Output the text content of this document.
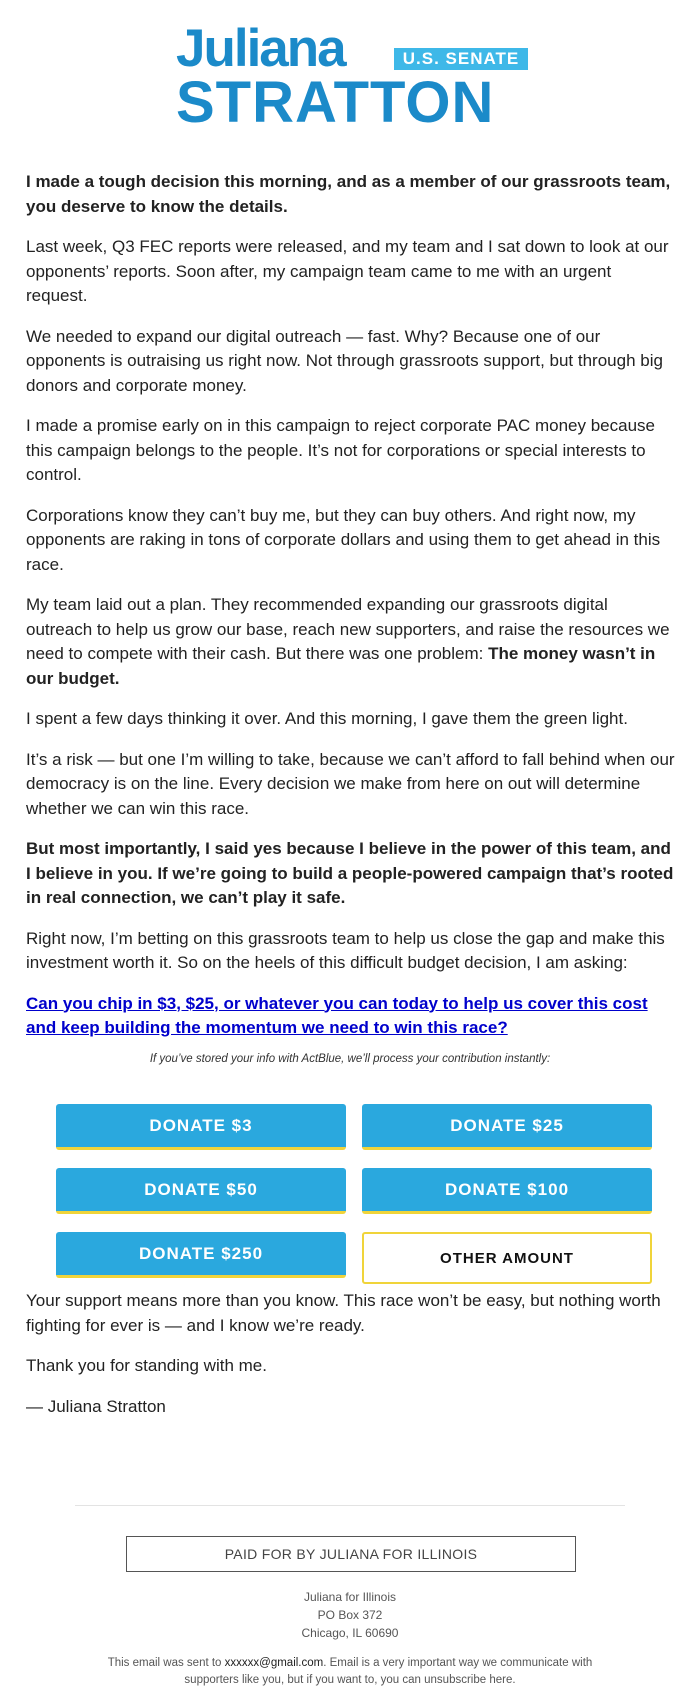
Juliana	U.S. SENATE
STRATTON

I made a tough decision this morning, and as a member of our grassroots team, you deserve to know the details.

Last week, Q3 FEC reports were released, and my team and I sat down to look at our opponents’ reports. Soon after, my campaign team came to me with an urgent request.

We needed to expand our digital outreach — fast. Why? Because one of our opponents is outraising us right now. Not through grassroots support, but through big donors and corporate money.

I made a promise early on in this campaign to reject corporate PAC money because this campaign belongs to the people. It’s not for corporations or special interests to control.

Corporations know they can’t buy me, but they can buy others. And right now, my opponents are raking in tons of corporate dollars and using them to get ahead in this race.

My team laid out a plan. They recommended expanding our grassroots digital outreach to help us grow our base, reach new supporters, and raise the resources we need to compete with their cash. But there was one problem: The money wasn’t in our budget.

I spent a few days thinking it over. And this morning, I gave them the green light.

It’s a risk — but one I’m willing to take, because we can’t afford to fall behind when our democracy is on the line. Every decision we make from here on out will determine whether we can win this race.

But most importantly, I said yes because I believe in the power of this team, and I believe in you. If we’re going to build a people-powered campaign that’s rooted in real connection, we can’t play it safe.

Right now, I’m betting on this grassroots team to help us close the gap and make this investment worth it. So on the heels of this difficult budget decision, I am asking:

Can you chip in $3, $25, or whatever you can today to help us cover this cost and keep building the momentum we need to win this race?

If you’ve stored your info with ActBlue, we’ll process your contribution instantly:
DONATE $3	DONATE $25
DONATE $50	DONATE $100
DONATE $250	OTHER AMOUNT

Your support means more than you know. This race won’t be easy, but nothing worth fighting for ever is — and I know we’re ready.

Thank you for standing with me.

— Juliana Stratton

PAID FOR BY JULIANA FOR ILLINOIS
Juliana for Illinois
PO Box 372
Chicago, IL 60690
This email was sent to xxxxxx@gmail.com. Email is a very important way we communicate with supporters like you, but if you want to, you can unsubscribe here.
